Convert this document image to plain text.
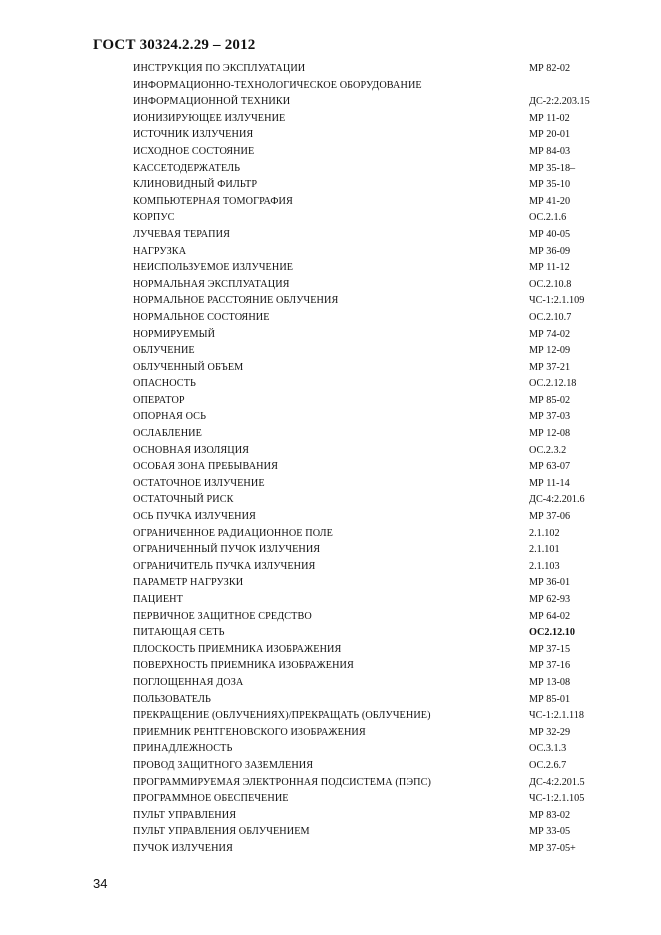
ГОСТ 30324.2.29 – 2012
ИНСТРУКЦИЯ ПО ЭКСПЛУАТАЦИИ	МР 82-02
ИНФОРМАЦИОННО-ТЕХНОЛОГИЧЕСКОЕ ОБОРУДОВАНИЕ
ИНФОРМАЦИОННОЙ ТЕХНИКИ	ДС-2:2.203.15
ИОНИЗИРУЮЩЕЕ ИЗЛУЧЕНИЕ	МР 11-02
ИСТОЧНИК ИЗЛУЧЕНИЯ	МР 20-01
ИСХОДНОЕ СОСТОЯНИЕ	МР 84-03
КАССЕТОДЕРЖАТЕЛЬ	МР 35-18–
КЛИНОВИДНЫЙ ФИЛЬТР	МР 35-10
КОМПЬЮТЕРНАЯ ТОМОГРАФИЯ	МР 41-20
КОРПУС	ОС.2.1.6
ЛУЧЕВАЯ ТЕРАПИЯ	МР 40-05
НАГРУЗКА	МР 36-09
НЕИСПОЛЬЗУЕМОЕ ИЗЛУЧЕНИЕ	МР 11-12
НОРМАЛЬНАЯ ЭКСПЛУАТАЦИЯ	ОС.2.10.8
НОРМАЛЬНОЕ РАССТОЯНИЕ ОБЛУЧЕНИЯ	ЧС-1:2.1.109
НОРМАЛЬНОЕ СОСТОЯНИЕ	ОС.2.10.7
НОРМИРУЕМЫЙ	МР 74-02
ОБЛУЧЕНИЕ	МР 12-09
ОБЛУЧЕННЫЙ ОБЪЕМ	МР 37-21
ОПАСНОСТЬ	ОС.2.12.18
ОПЕРАТОР	МР 85-02
ОПОРНАЯ ОСЬ	МР 37-03
ОСЛАБЛЕНИЕ	МР 12-08
ОСНОВНАЯ ИЗОЛЯЦИЯ	ОС.2.3.2
ОСОБАЯ ЗОНА ПРЕБЫВАНИЯ	МР 63-07
ОСТАТОЧНОЕ ИЗЛУЧЕНИЕ	МР 11-14
ОСТАТОЧНЫЙ РИСК	ДС-4:2.201.6
ОСЬ ПУЧКА ИЗЛУЧЕНИЯ	МР 37-06
ОГРАНИЧЕННОЕ РАДИАЦИОННОЕ ПОЛЕ	2.1.102
ОГРАНИЧЕННЫЙ ПУЧОК ИЗЛУЧЕНИЯ	2.1.101
ОГРАНИЧИТЕЛЬ ПУЧКА ИЗЛУЧЕНИЯ	2.1.103
ПАРАМЕТР НАГРУЗКИ	МР 36-01
ПАЦИЕНТ	МР 62-93
ПЕРВИЧНОЕ ЗАЩИТНОЕ СРЕДСТВО	МР 64-02
ПИТАЮЩАЯ СЕТЬ	ОС2.12.10
ПЛОСКОСТЬ ПРИЕМНИКА ИЗОБРАЖЕНИЯ	МР 37-15
ПОВЕРХНОСТЬ ПРИЕМНИКА ИЗОБРАЖЕНИЯ	МР 37-16
ПОГЛОЩЕННАЯ ДОЗА	МР 13-08
ПОЛЬЗОВАТЕЛЬ	МР 85-01
ПРЕКРАЩЕНИЕ (ОБЛУЧЕНИЯХ)/ПРЕКРАЩАТЬ (ОБЛУЧЕНИЕ)	ЧС-1:2.1.118
ПРИЕМНИК РЕНТГЕНОВСКОГО ИЗОБРАЖЕНИЯ	МР 32-29
ПРИНАДЛЕЖНОСТЬ	ОС.3.1.3
ПРОВОД ЗАЩИТНОГО ЗАЗЕМЛЕНИЯ	ОС.2.6.7
ПРОГРАММИРУЕМАЯ ЭЛЕКТРОННАЯ ПОДСИСТЕМА (ПЭПС)	ДС-4:2.201.5
ПРОГРАММНОЕ ОБЕСПЕЧЕНИЕ	ЧС-1:2.1.105
ПУЛЬТ УПРАВЛЕНИЯ	МР 83-02
ПУЛЬТ УПРАВЛЕНИЯ ОБЛУЧЕНИЕМ	МР 33-05
ПУЧОК ИЗЛУЧЕНИЯ	МР 37-05+
34
